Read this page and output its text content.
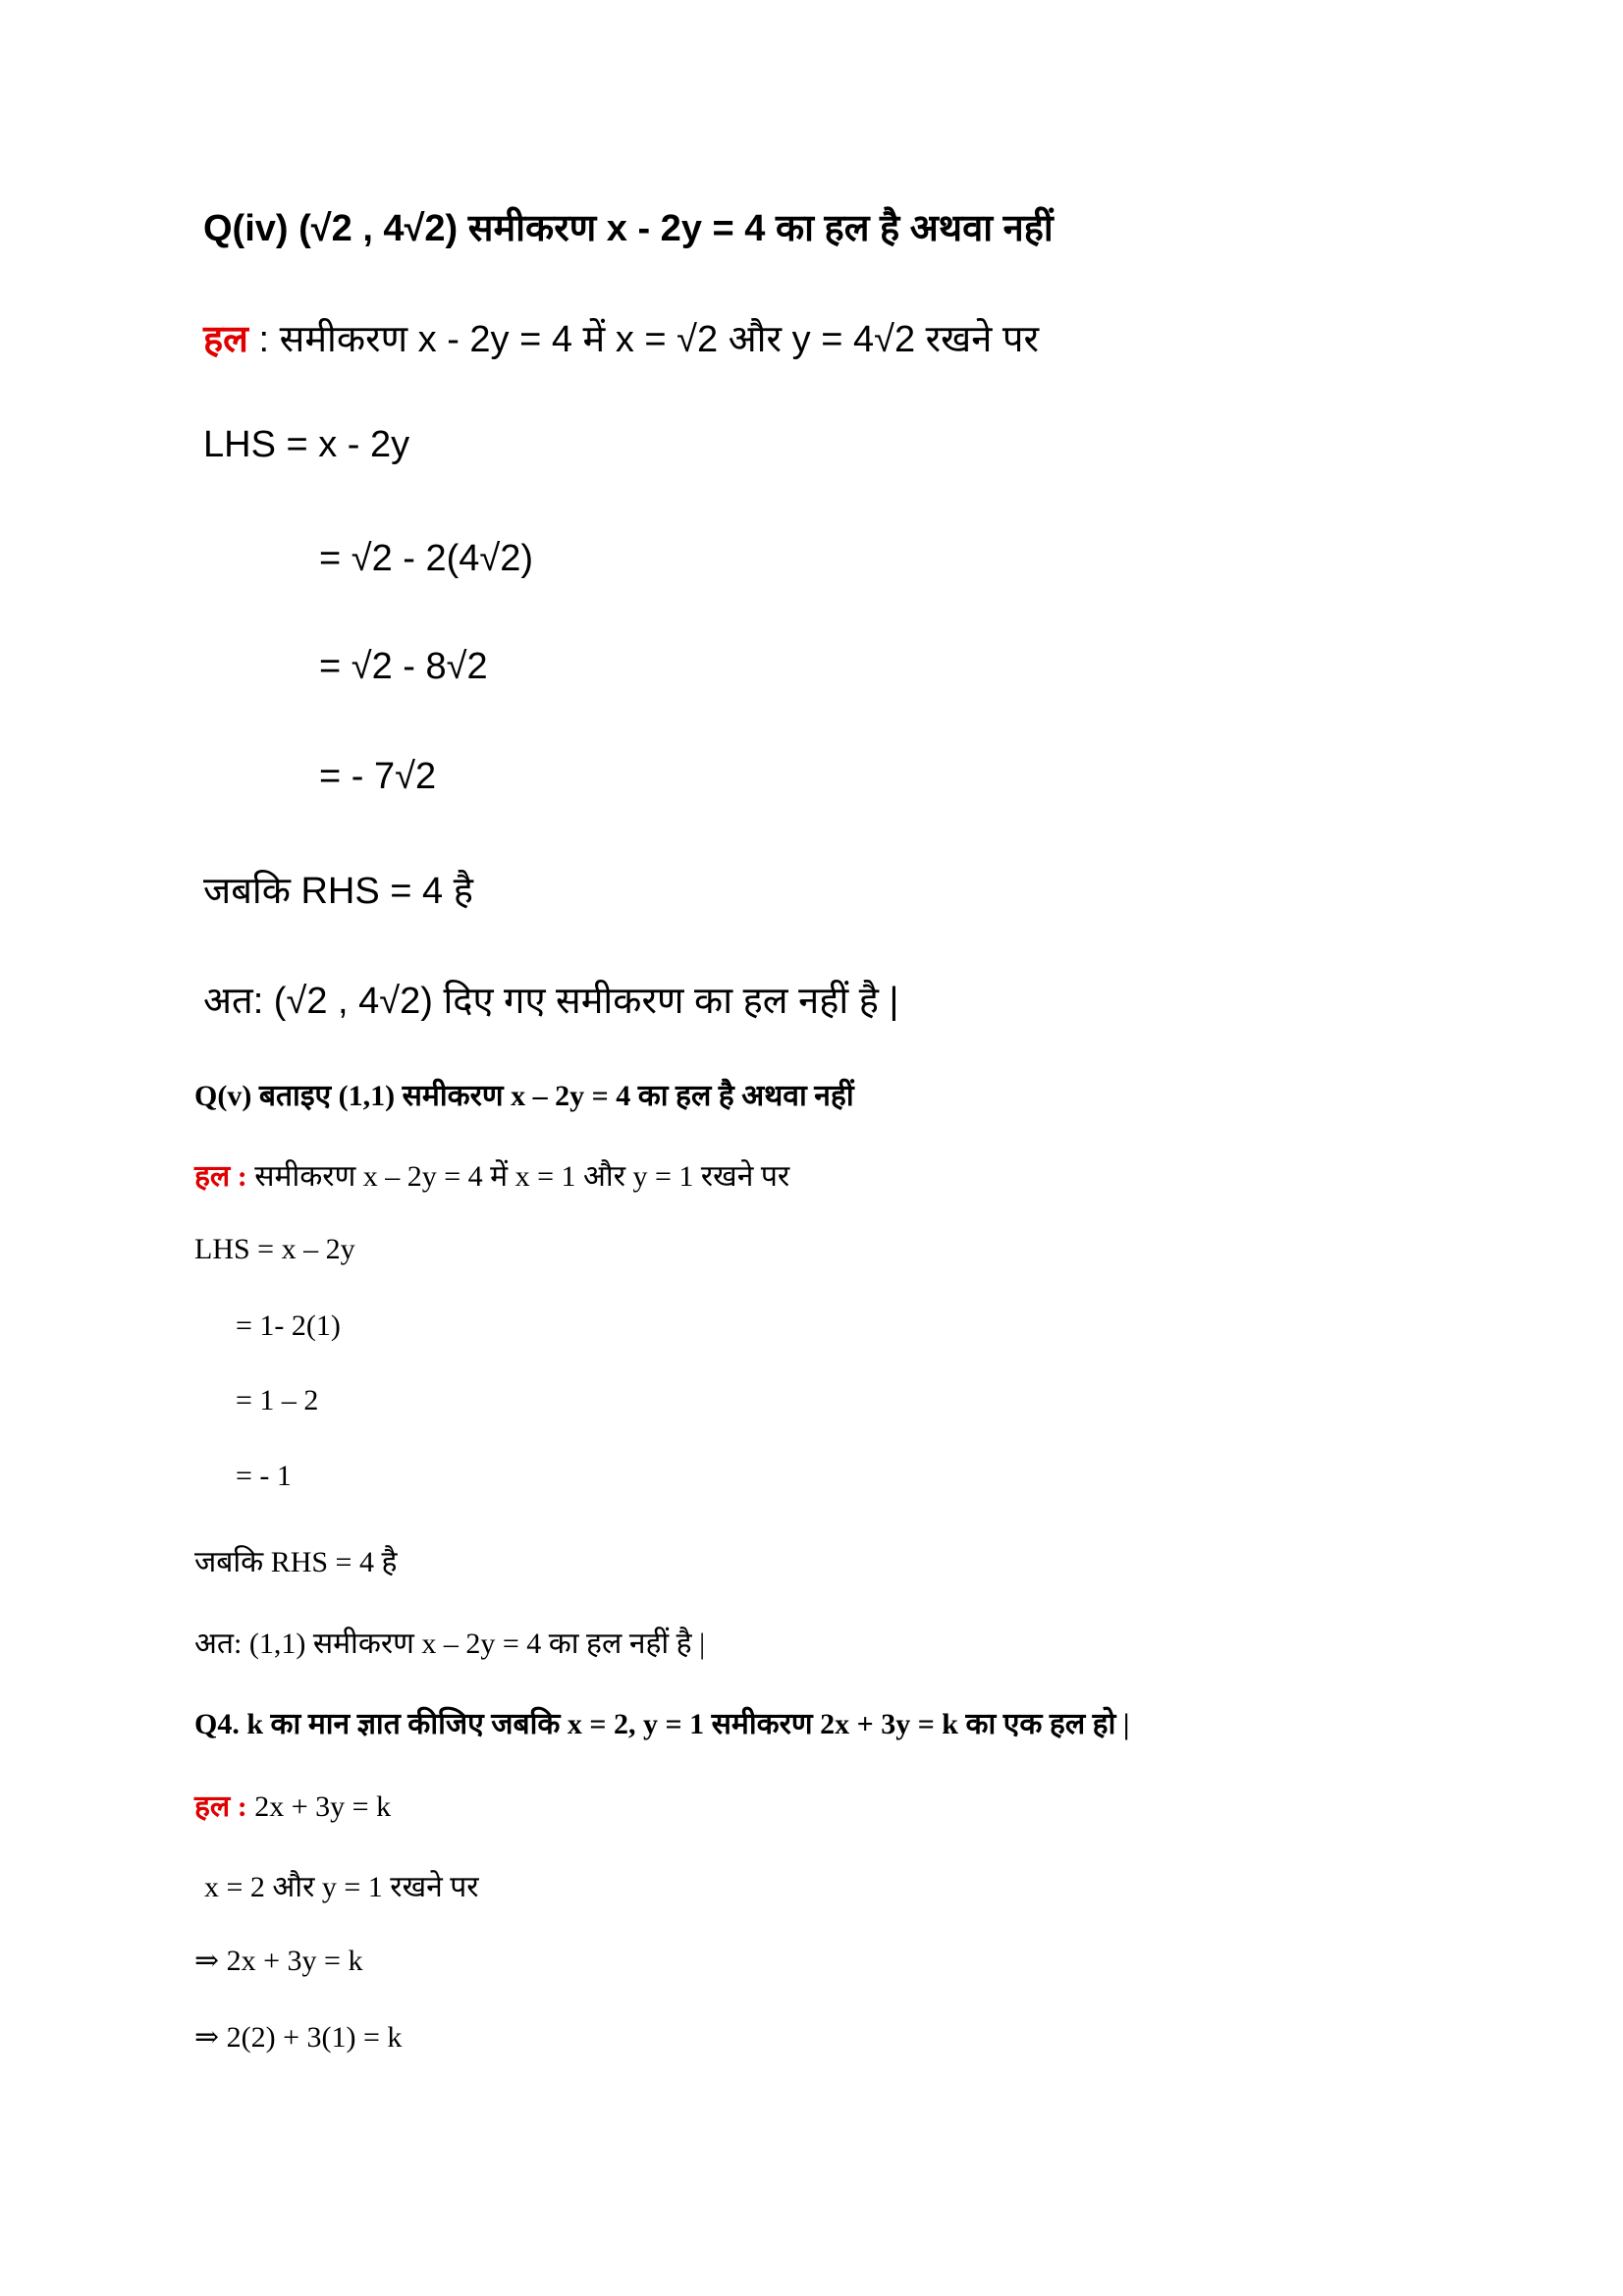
Q(iv) (√2 , 4√2) समीकरण x - 2y = 4 का हल है अथवा नहीं
हल : समीकरण x - 2y = 4 में x = √2 और y = 4√2 रखने पर
LHS = x - 2y
= √2 - 2(4√2)
= √2 - 8√2
= - 7√2
जबकि RHS = 4 है
अत: (√2 , 4√2) दिए गए समीकरण का हल नहीं है |
Q(v) बताइए (1,1) समीकरण x – 2y = 4 का हल है अथवा नहीं
हल : समीकरण x – 2y = 4 में x = 1 और y = 1 रखने पर
LHS = x – 2y
= 1- 2(1)
= 1 – 2
= - 1
जबकि RHS = 4 है
अत: (1,1) समीकरण x – 2y = 4 का हल नहीं है |
Q4. k का मान ज्ञात कीजिए जबकि x = 2, y = 1 समीकरण 2x + 3y = k का एक हल हो |
हल : 2x + 3y = k
x = 2 और y = 1 रखने पर
⇒ 2x + 3y = k
⇒ 2(2) + 3(1) = k
